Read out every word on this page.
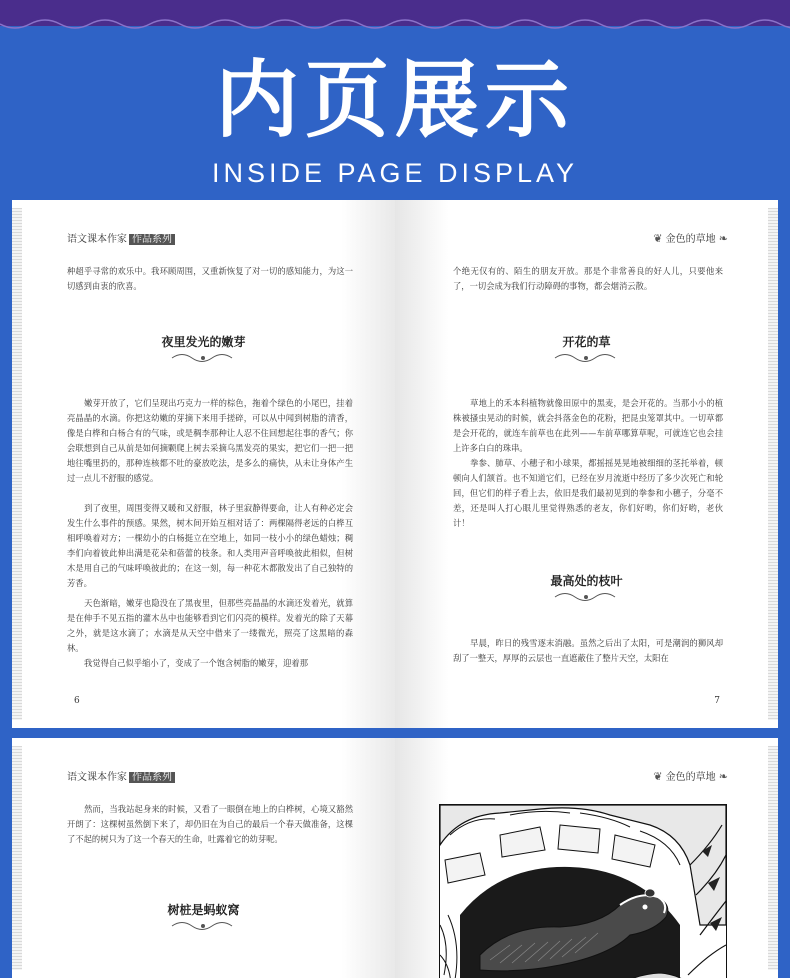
内页展示
INSIDE PAGE DISPLAY
语文课本作家 作品系列

种超乎寻常的欢乐中。我环顾周围，又重新恢复了对一切的感知能力，为这一切感到由衷的欣喜。

夜里发光的嫩芽

嫩芽开放了，它们呈现出巧克力一样的棕色，拖着个绿色的小尾巴，挂着亮晶晶的水滴。你把这幼嫩的芽摘下来用手搓碎，可以从中闻到树脂的清香，像是白桦和白杨合有的气味，或是稠李那种让人忍不住回想起往事的香气；你会联想到自己从前是如何摘颗爬上树去采摘乌黑发亮的果实，把它们一把一把地往嘴里扔的，那种连核都不吐的豪放吃法，是多么的痛快，从未让身体产生过一点儿不舒服的感觉。

到了夜里，周围变得又暖和又舒服，林子里寂静得要命，让人有种必定会发生什么事件的预感。果然，树木间开始互相对话了：两棵隔得老远的白桦互相呼唤着对方；一棵幼小的白杨挺立在空地上，如同一枝小小的绿色蜡烛；稠李们向着彼此伸出满是花朵和蓓蕾的枝条。和人类用声音呼唤彼此相似，但树木是用自己的气味呼唤彼此的；在这一刻，每一种花木都散发出了自己独特的芳香。

天色渐暗，嫩芽也隐没在了黑夜里，但那些亮晶晶的水滴还发着光，就算是在伸手不见五指的灌木丛中也能够看到它们闪亮的模样。发着光的除了天幕之外，就是这水滴了；水滴是从天空中借来了一缕微光，照亮了这黑暗的森林。

我觉得自己似乎缩小了，变成了一个饱含树脂的嫩芽，迎着那

6
❦ 金色的草地 ❧

个绝无仅有的、陌生的朋友开放。那是个非常善良的好人儿，只要他来了，一切会成为我们行动障碍的事物，都会烟消云散。

开花的草

草地上的禾本科植物就像田原中的黑麦，是会开花的。当那小小的植株被搔虫晃动的时候，就会抖落金色的花粉，把昆虫笼罩其中。一切草都是会开花的，就连车前草也在此列——车前草哪算草呢，可就连它也会挂上许多白白的珠串。

拳参、肺草、小穗子和小球果，都摇摇晃晃地被细细的茎托举着，顿顿向人们颔首。也不知道它们，已经在岁月流逝中经历了多少次死亡和轮回，但它们的样子看上去，依旧是我们最初见到的拳参和小穗子，分毫不差，还是叫人打心眼儿里觉得熟悉的老友，你们好哟，你们好哟，老伙计！

最高处的枝叶

早晨，昨日的残雪逐末消融。虽然之后出了太阳，可是潮润的狮风却刮了一整天，厚厚的云层也一直遮蔽住了整片天空，太阳在

7
语文课本作家 作品系列

然而，当我站起身来的时候，又看了一眼倒在地上的白桦树，心境又豁然开朗了：这棵树虽然倒下来了，却仍旧在为自己的最后一个春天做准备，这棵了不起的树只为了这一个春天的生命，吐露着它的幼芽呢。

树桩是蚂蚁窝
❦ 金色的草地 ❧
